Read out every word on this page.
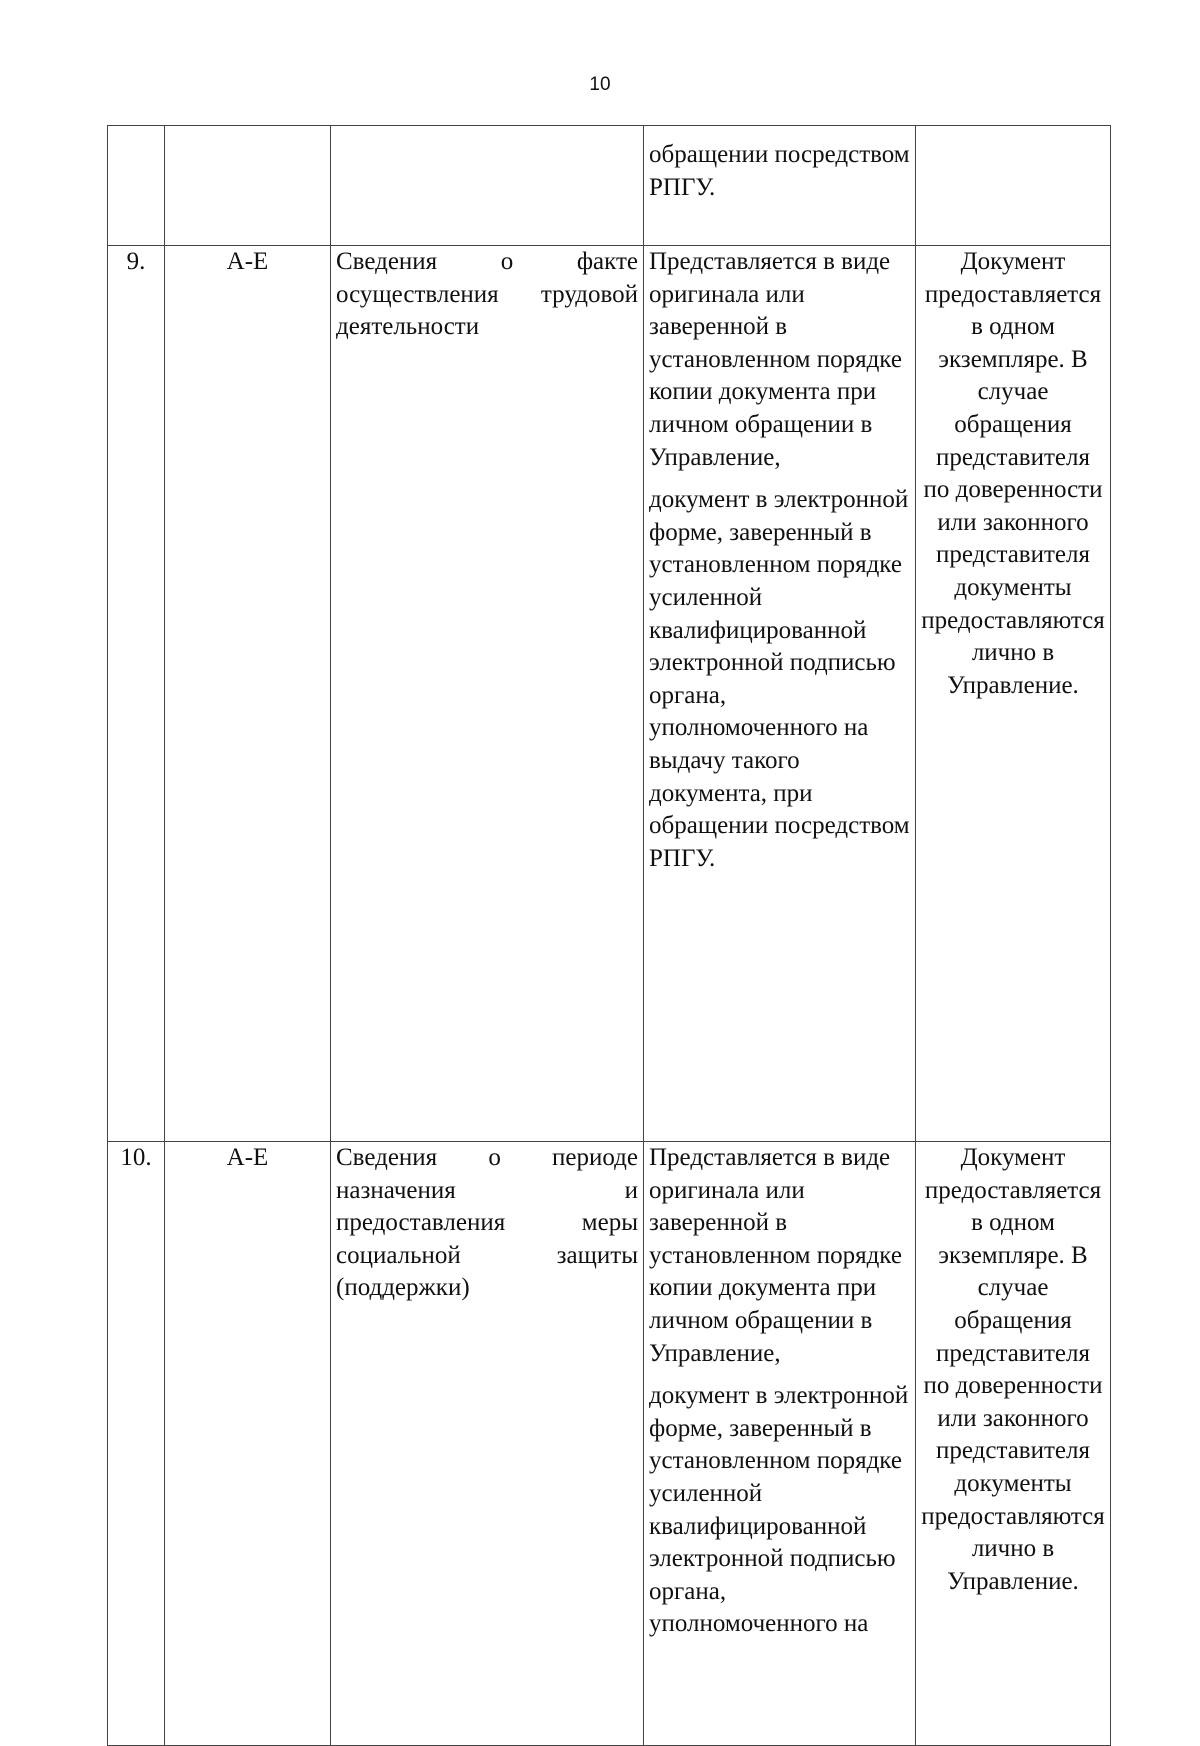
10

			обращении посредством РПГУ.	

9.	А-Е	Сведения о факте осуществления трудовой деятельности	Представляется в виде оригинала или заверенной в установленном порядке копии документа при личном обращении в Управление,

документ в электронной форме, заверенный в установленном порядке усиленной квалифицированной электронной подписью органа, уполномоченного на выдачу такого документа, при обращении посредством РПГУ.	Документ предоставляется в одном экземпляре. В случае обращения представителя по доверенности или законного представителя документы предоставляются лично в Управление.
10.	А-Е	Сведения о периоде назначения и предоставления меры социальной защиты (поддержки)	Представляется в виде оригинала или заверенной в установленном порядке копии документа при личном обращении в Управление,

документ в электронной форме, заверенный в установленном порядке усиленной квалифицированной электронной подписью органа, уполномоченного на	Документ предоставляется в одном экземпляре. В случае обращения представителя по доверенности или законного представителя документы предоставляются лично в Управление.
